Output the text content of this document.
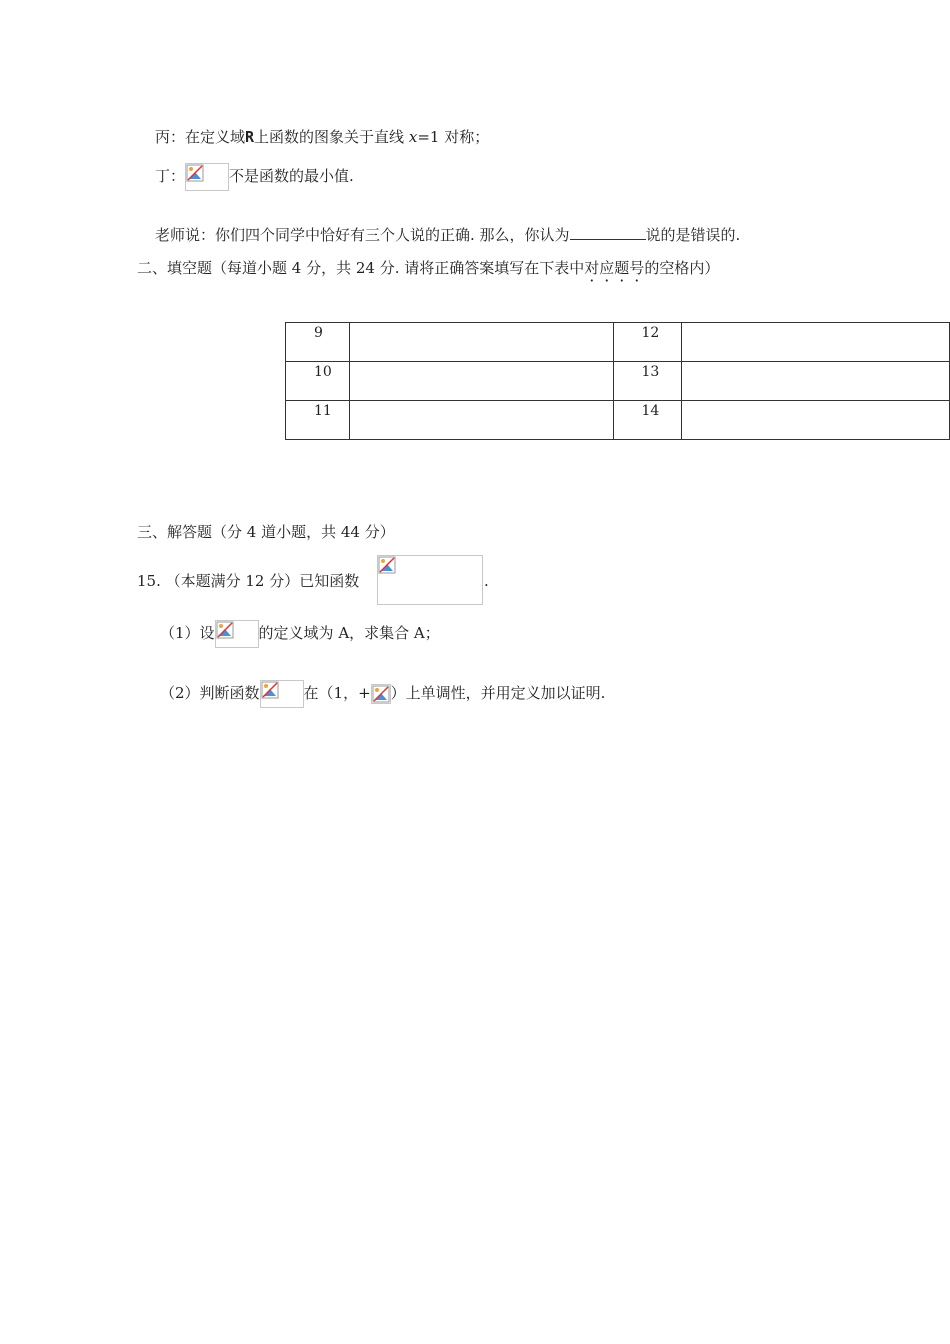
丙：在定义域R上函数的图象关于直线 x=1 对称；
丁：	不是函数的最小值.
老师说：你们四个同学中恰好有三个人说的正确. 那么，你认为	说的是错误的.
二、填空题（每道小题 4 分，共 24 分. 请将正确答案填写在下表中对应题号的空格内）
9		12	
10		13	
11		14	
三、解答题（分 4 道小题，共 44 分）
15. （本题满分 12 分）已知函数	.
（1）设	的定义域为 A，求集合 A；
（2）判断函数	在（1，+ ）上单调性，并用定义加以证明.
